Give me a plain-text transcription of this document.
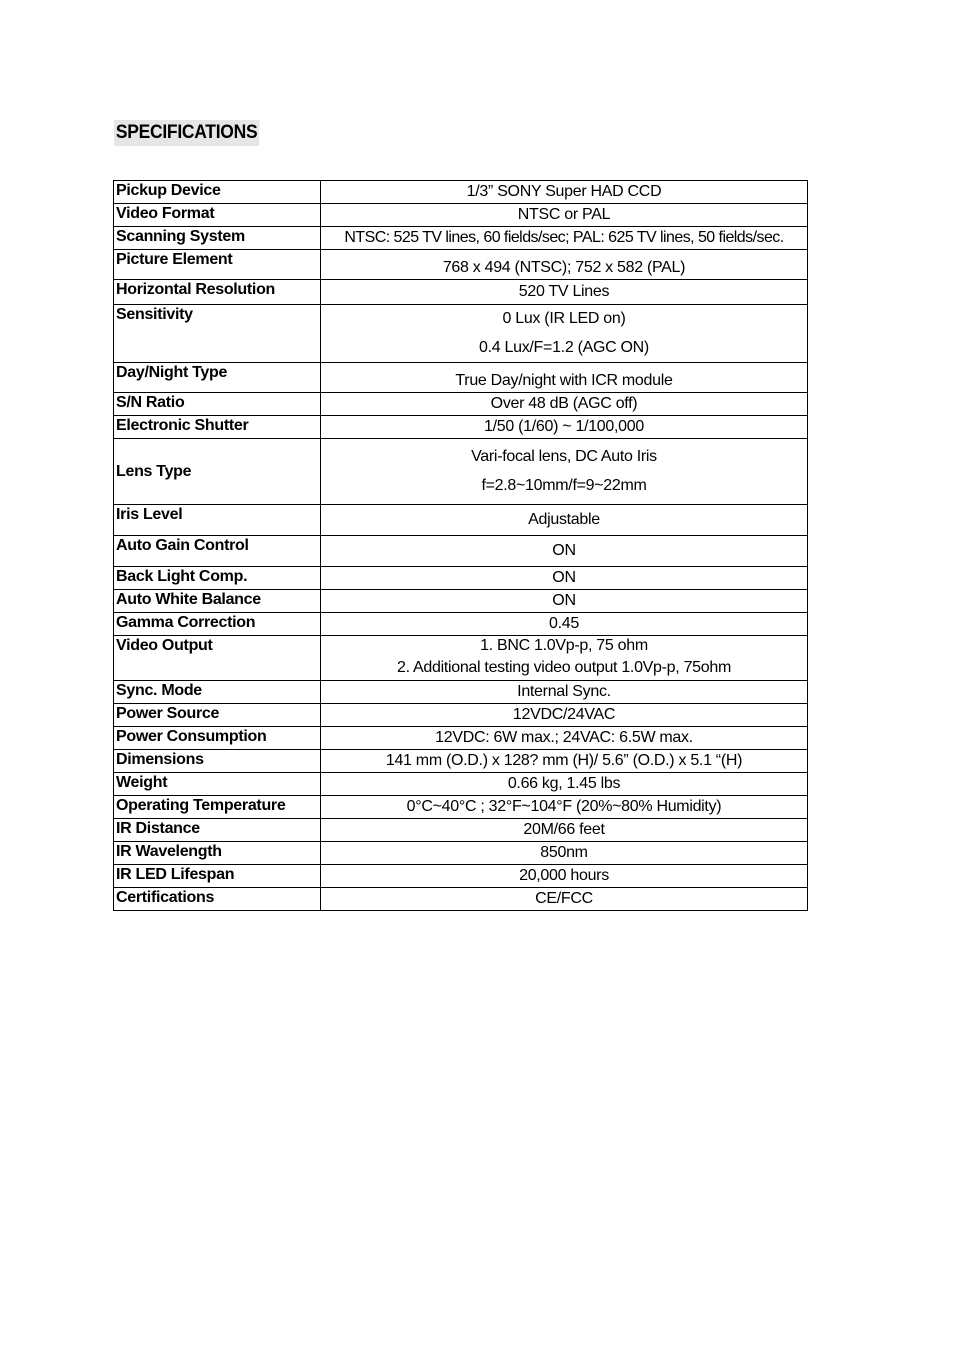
SPECIFICATIONS
Pickup Device	1/3” SONY Super HAD CCD

Video Format	NTSC or PAL

Scanning System	NTSC: 525 TV lines, 60 fields/sec; PAL: 625 TV lines, 50 fields/sec.

Picture Element	768 x 494 (NTSC); 752 x 582 (PAL)

Horizontal Resolution	520 TV Lines

Sensitivity	0 Lux (IR LED on)
0.4 Lux/F=1.2 (AGC ON)

Day/Night Type	True Day/night with ICR module

S/N Ratio	Over 48 dB (AGC off)

Electronic Shutter	1/50 (1/60) ~ 1/100,000

Lens Type	Vari-focal lens, DC Auto Iris
f=2.8~10mm/f=9~22mm

Iris Level	Adjustable

Auto Gain Control	ON

Back Light Comp.	ON

Auto White Balance	ON

Gamma Correction	0.45

Video Output	1. BNC 1.0Vp-p, 75 ohm
2. Additional testing video output 1.0Vp-p, 75ohm

Sync. Mode	Internal Sync.

Power Source	12VDC/24VAC

Power Consumption	12VDC: 6W max.; 24VAC: 6.5W max.

Dimensions	141 mm (O.D.) x 128? mm (H)/ 5.6” (O.D.) x 5.1 “(H)

Weight	0.66 kg, 1.45 lbs

Operating Temperature	0°C~40°C ; 32°F~104°F (20%~80% Humidity)

IR Distance	20M/66 feet

IR Wavelength	850nm

IR LED Lifespan	20,000 hours

Certifications	CE/FCC
